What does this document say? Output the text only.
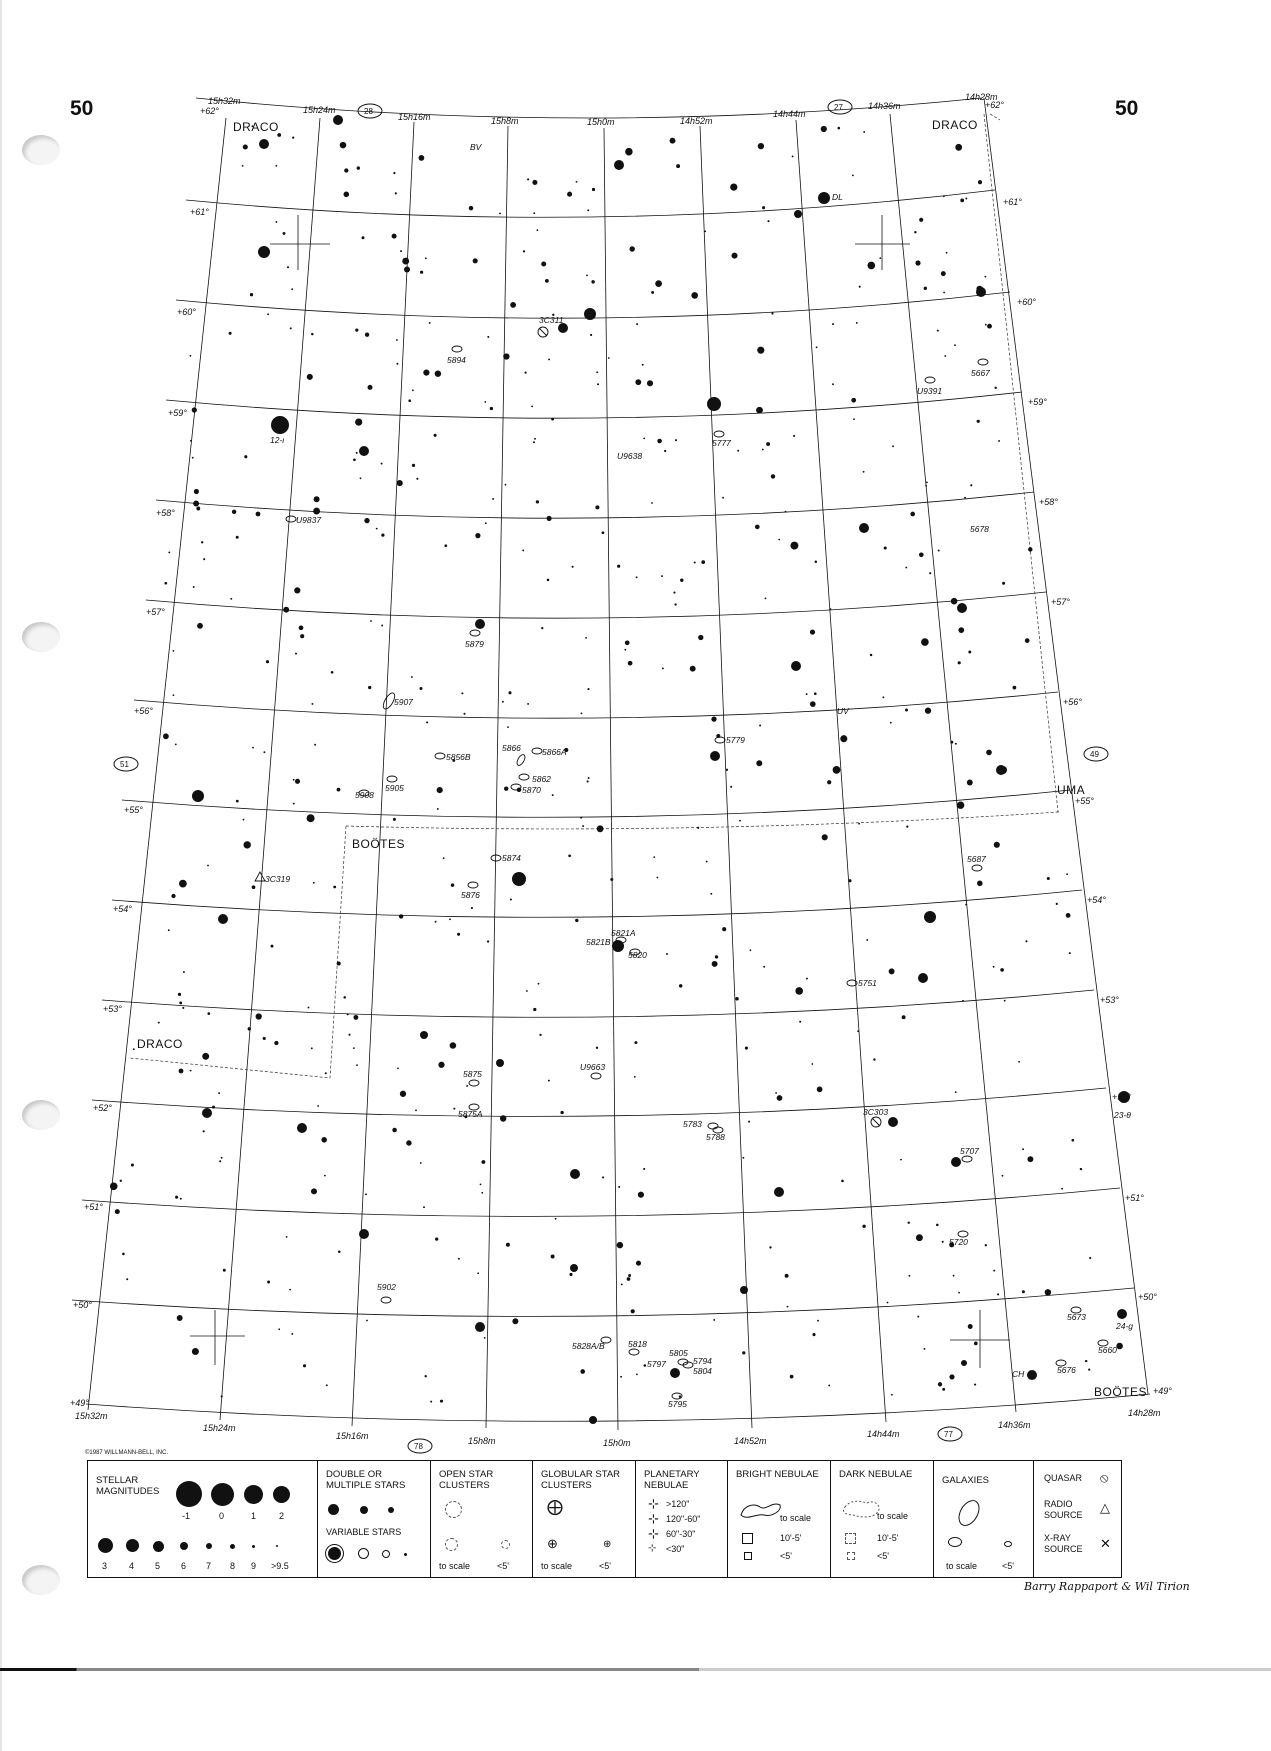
50	50
15h32m
15h24m
15h16m	15h8m	15h0m	14h52m
14h44m
14h36m
14h28m
15h32m
15h24m
15h16m	15h8m	15h0m	14h52m
14h44m
14h36m
14h28m
+62°
+61°
+60°
+59°
+58°
+57°
+56°
+55°
+54°
+53°
+52°
+51°
+50°
+49°
+62°
+61°
+60°
+59°
+58°
+57°
+56°
+55°
+54°
+53°
+52°
+51°
+50°
+49°
28	27
51
49
78
77
DRACO	DRACO
UMA
BOÖTES
DRACO
BOÖTES
BV
DL
12-ι
UV
23-θ
24-g
CH
3C311
5894
U9638
5777
U9391
5667
U9837
5678
5879
5907
5779
5856B
5866 5866A
5862
5870
5908
5905
5874
5876
5687
3C319
5821A
5821B
5820
5751
5875
U9663
5875A
5783
5788
3C303
5707
5720
5902
5673
5660
5676
5828A/B	5818
5805
5797	5794
5804
5795
©1987 WILLMANN-BELL, INC.
STELLAR MAGNITUDES
-1	0	1	2
3 4 5 6 7 8 9 >9.5
DOUBLE OR MULTIPLE STARS
VARIABLE STARS
OPEN STAR CLUSTERS
to scale	<5'
GLOBULAR STAR CLUSTERS
⨁
⊕	⊕
to scale	<5'
PLANETARY NEBULAE
⊹ >120"
⊹ 120"-60"
⊹ 60"-30"
⊹ <30"
BRIGHT NEBULAE
to scale
10'-5'
<5'
DARK NEBULAE
to scale
10'-5'
<5'
GALAXIES
to scale	<5'
QUASAR ⦸
RADIO SOURCE	△
X-RAY SOURCE	✕
Barry Rappaport & Wil Tirion
